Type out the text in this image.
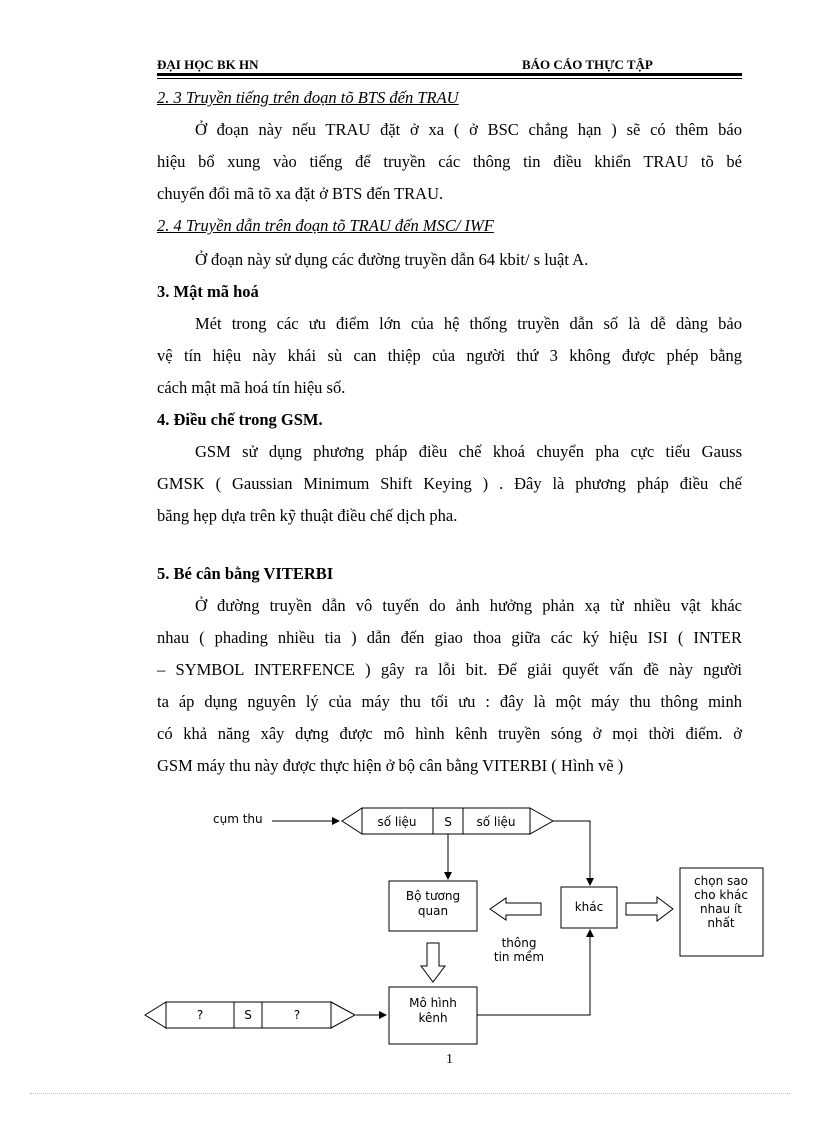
ĐẠI HỌC BK HN	BÁO CÁO THỰC TẬP
2. 3 Truyền tiếng trên đoạn tõ BTS đến TRAU
Ở đoạn này nếu TRAU đặt ở xa ( ở BSC chẳng hạn ) sẽ có thêm báo
hiệu bổ xung vào tiếng để truyền các thông tin điều khiển TRAU tõ bé
chuyển đổi mã tõ xa đặt ở BTS đến TRAU.
2. 4 Truyền dẫn trên đoạn tõ TRAU đến MSC/ IWF
Ở đoạn này sử dụng các đường truyền dẫn 64 kbit/ s luật A.
3. Mật mã hoá
Mét trong các ưu điểm lớn của hệ thống truyền dẫn số là dễ dàng bảo
vệ tín hiệu này khái sù can thiệp của người thứ 3 không được phép bằng
cách mật mã hoá tín hiệu số.
4. Điều chế trong GSM.
GSM sử dụng phương pháp điều chế khoá chuyển pha cực tiểu Gauss
GMSK ( Gaussian Minimum Shift Keying ) . Đây là phương pháp điều chế
băng hẹp dựa trên kỹ thuật điều chế dịch pha.
5. Bé cân bằng VITERBI
Ở đường truyền dẫn vô tuyến do ảnh hưởng phản xạ từ nhiều vật khác
nhau ( phading nhiều tia ) dẫn đến giao thoa giữa các ký hiệu ISI ( INTER
– SYMBOL INTERFENCE ) gây ra lỗi bit. Để giải quyết vấn đề này người
ta áp dụng nguyên lý của máy thu tối ưu : đây là một máy thu thông minh
có khả năng xây dựng được mô hình kênh truyền sóng ở mọi thời điểm. ở
GSM máy thu này được thực hiện ở bộ cân bằng VITERBI ( Hình vẽ )
cụm thu	số liệu S số liệu
Bộ tương
quan	khác
thông
tin mềm
chọn sao
cho khác
nhau ít
nhất
Mô hình
kênh
?	S	?
1
